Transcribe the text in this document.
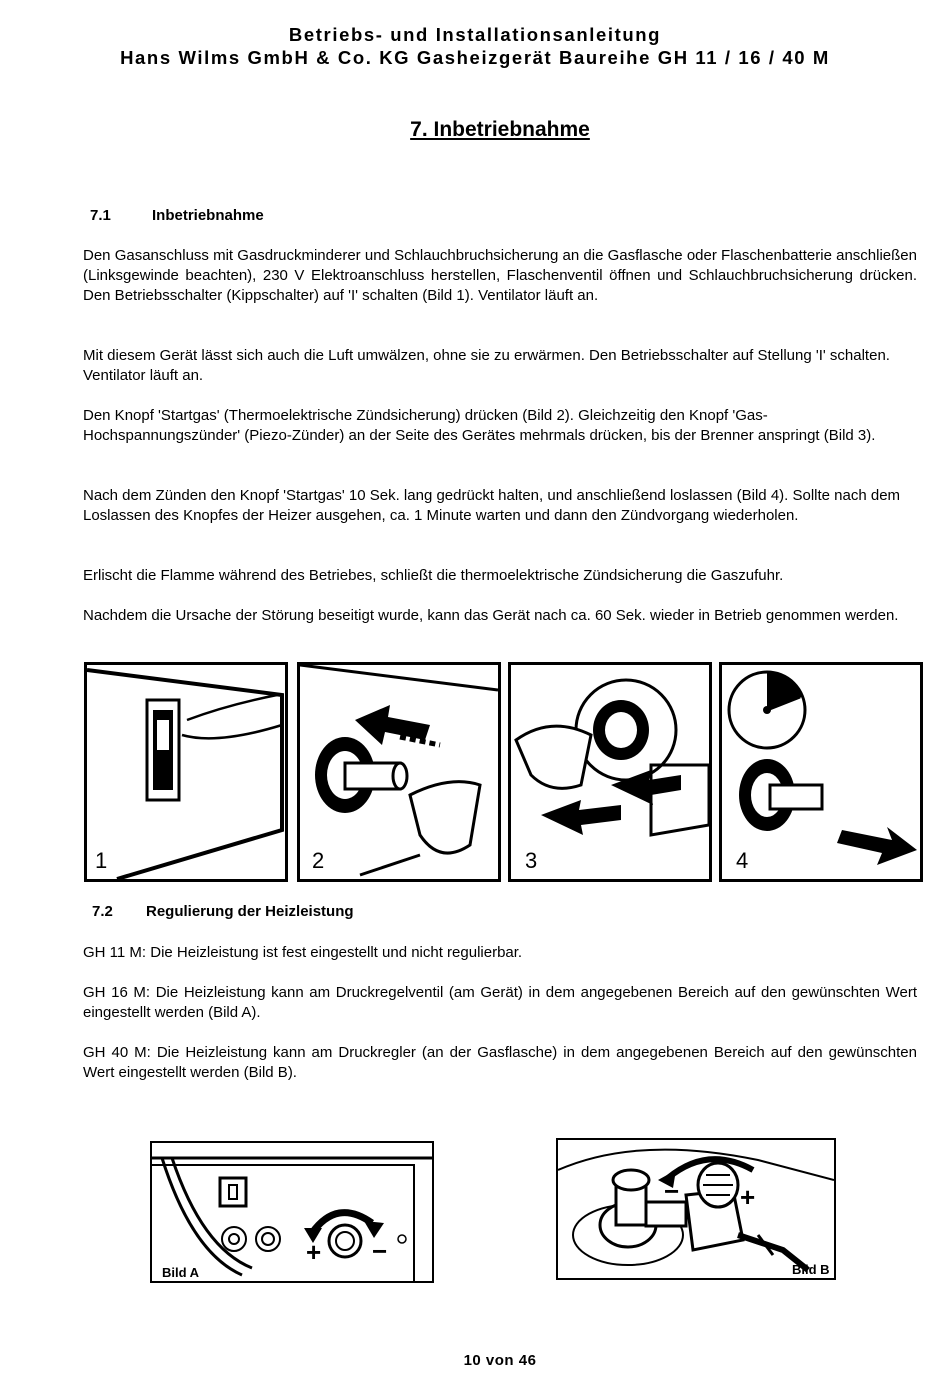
Betriebs- und Installationsanleitung
Hans Wilms GmbH & Co. KG Gasheizgerät Baureihe GH 11 / 16 / 40 M
7. Inbetriebnahme
7.1	Inbetriebnahme
Den Gasanschluss mit Gasdruckminderer und Schlauchbruchsicherung an die Gasflasche oder Flaschenbatterie anschließen (Linksgewinde beachten), 230 V Elektroanschluss herstellen, Flaschenventil öffnen und Schlauchbruchsicherung drücken. Den Betriebsschalter (Kippschalter) auf 'I' schalten (Bild 1). Ventilator läuft an.
Mit diesem Gerät lässt sich auch die Luft umwälzen, ohne sie zu erwärmen. Den Betriebsschalter auf Stellung 'I' schalten. Ventilator läuft an.
Den Knopf 'Startgas' (Thermoelektrische Zündsicherung) drücken (Bild 2). Gleichzeitig den Knopf 'Gas-Hochspannungszünder' (Piezo-Zünder) an der Seite des Gerätes mehrmals drücken, bis der Brenner anspringt (Bild 3).
Nach dem Zünden den Knopf 'Startgas' 10 Sek. lang gedrückt halten, und anschließend loslassen (Bild 4). Sollte nach dem Loslassen des Knopfes der Heizer ausgehen, ca. 1 Minute warten und dann den Zündvorgang wiederholen.
Erlischt die Flamme während des Betriebes, schließt die thermoelektrische Zündsicherung die Gaszufuhr.
Nachdem die Ursache der Störung beseitigt wurde, kann das Gerät nach ca. 60 Sek. wieder in Betrieb genommen werden.
1	2	3	4
7.2 Regulierung der Heizleistung
GH 11 M: Die Heizleistung ist fest eingestellt und nicht regulierbar.
GH 16 M: Die Heizleistung kann am Druckregelventil (am Gerät) in dem angegebenen Bereich auf den gewünschten Wert eingestellt werden (Bild A).
GH 40 M: Die Heizleistung kann am Druckregler (an der Gasflasche) in dem angegebenen Bereich auf den gewünschten Wert eingestellt werden (Bild B).
+ −
Bild A
− +
Bild B
10 von 46
